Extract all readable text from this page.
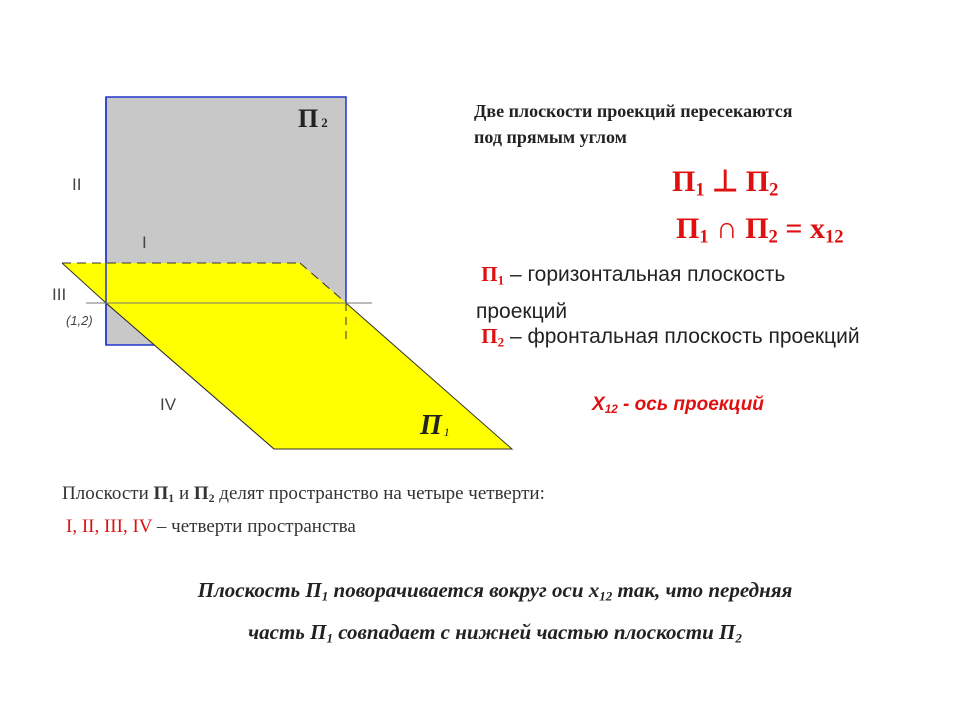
II
I
III
(1,2)
IV
П 2
П 1
Две плоскости проекций пересекаются
под прямым углом
$П_1$ ⊥ $П_2$
$П_1$ ∩ $П_2 = x_{12}$
$П_1$ – горизонтальная плоскость
проекций
$П_2$ – фронтальная плоскость проекций
$X_{12}$ - ось проекций
Плоскости $П_1$ и $П_2$ делят пространство на четыре четверти:
I, II, III, IV – четверти пространства
Плоскость $П_1$ поворачивается вокруг оси $x_{12}$ так, что передняя
часть $П_1$ совпадает с нижней частью плоскости $П_2$
